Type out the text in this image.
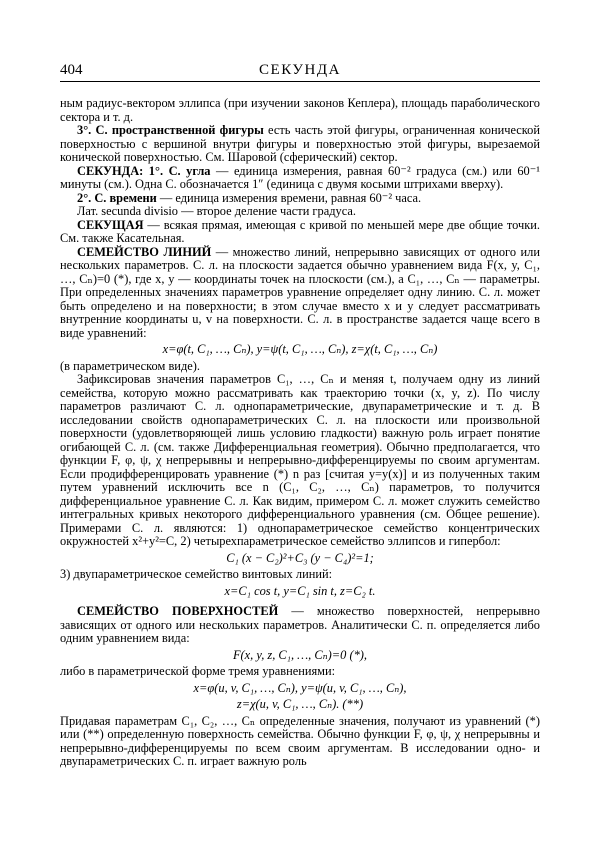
404	СЕКУНДА

ным радиус-вектором эллипса (при изучении законов Кеплера), площадь параболического сектора и т. д.

3°. С. пространственной фигуры есть часть этой фигуры, ограниченная конической поверхностью с вершиной внутри фигуры и поверхностью этой фигуры, вырезаемой конической поверхностью. См. Шаровой (сферический) сектор.

СЕКУНДА: 1°. С. угла — единица измерения, равная 60⁻² градуса (см.) или 60⁻¹ минуты (см.). Одна С. обозначается 1″ (единица с двумя косыми штрихами вверху).

2°. С. времени — единица измерения времени, равная 60⁻² часа.

Лат. secunda divisio — второе деление части градуса.

СЕКУЩАЯ — всякая прямая, имеющая с кривой по меньшей мере две общие точки. См. также Касательная.

СЕМЕЙСТВО ЛИНИЙ — множество линий, непрерывно зависящих от одного или нескольких параметров. С. л. на плоскости задается обычно уравнением вида F(x, y, C₁, …, Cₙ)=0 (*), где x, y — координаты точек на плоскости (см.), а C₁, …, Cₙ — параметры. При определенных значениях параметров уравнение определяет одну линию. С. л. может быть определено и на поверхности; в этом случае вместо x и y следует рассматривать внутренние координаты u, v на поверхности. С. л. в пространстве задается чаще всего в виде уравнений:

x=φ(t, C₁, …, Cₙ), y=ψ(t, C₁, …, Cₙ), z=χ(t, C₁, …, Cₙ)

(в параметрическом виде).

Зафиксировав значения параметров C₁, …, Cₙ и меняя t, получаем одну из линий семейства, которую можно рассматривать как траекторию точки (x, y, z). По числу параметров различают С. л. однопараметрические, двупараметрические и т. д. В исследовании свойств однопараметрических С. л. на плоскости или произвольной поверхности (удовлетворяющей лишь условию гладкости) важную роль играет понятие огибающей С. л. (см. также Дифференциальная геометрия). Обычно предполагается, что функции F, φ, ψ, χ непрерывны и непрерывно-дифференцируемы по своим аргументам. Если продифференцировать уравнение (*) n раз [считая y=y(x)] и из полученных таким путем уравнений исключить все n (C₁, C₂, …, Cₙ) параметров, то получится дифференциальное уравнение С. л. Как видим, примером С. л. может служить семейство интегральных кривых некоторого дифференциального уравнения (см. Общее решение). Примерами С. л. являются: 1) однопараметрическое семейство концентрических окружностей x²+y²=C, 2) четырехпараметрическое семейство эллипсов и гипербол:

C₁ (x − C₂)²+C₃ (y − C₄)²=1;

3) двупараметрическое семейство винтовых линий:

x=C₁ cos t, y=C₁ sin t, z=C₂ t.

СЕМЕЙСТВО ПОВЕРХНОСТЕЙ — множество поверхностей, непрерывно зависящих от одного или нескольких параметров. Аналитически С. п. определяется либо одним уравнением вида:

F(x, y, z, C₁, …, Cₙ)=0 (*),

либо в параметрической форме тремя уравнениями:

x=φ(u, v, C₁, …, Cₙ), y=ψ(u, v, C₁, …, Cₙ),

z=χ(u, v, C₁, …, Cₙ). (**)

Придавая параметрам C₁, C₂, …, Cₙ определенные значения, получают из уравнений (*) или (**) определенную поверхность семейства. Обычно функции F, φ, ψ, χ непрерывны и непрерывно-дифференцируемы по всем своим аргументам. В исследовании одно- и двупараметрических С. п. играет важную роль
